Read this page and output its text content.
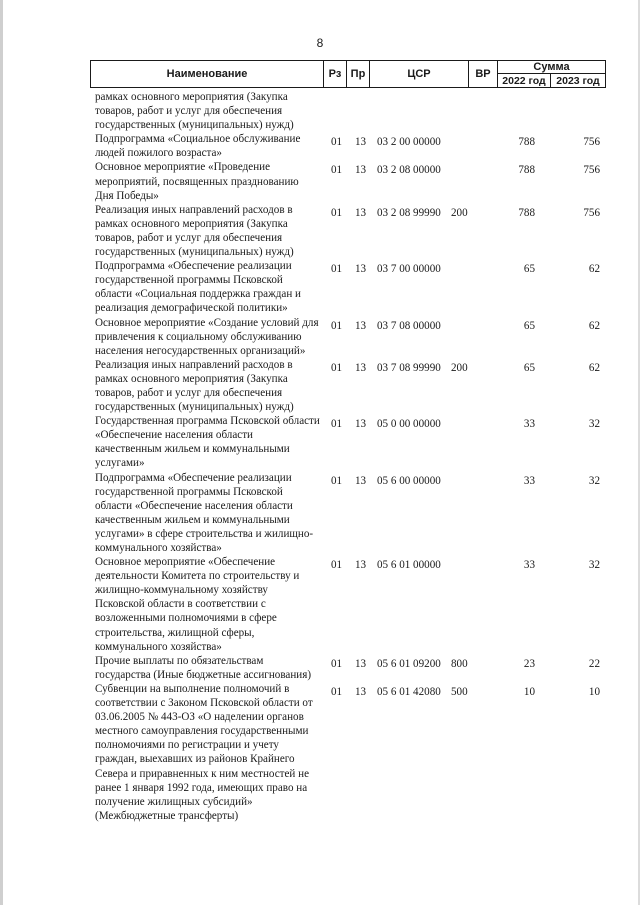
8
Наименование	Рз Пр	ЦСР	ВР
Сумма
2022 год	2023 год
рамках основного мероприятия (Закупка товаров, работ и услуг для обеспечения государственных (муниципальных) нужд)
Подпрограмма «Социальное обслуживание людей пожилого возраста»
01 13 03 2 00 00000	788	756
Основное мероприятие «Проведение мероприятий, посвященных празднованию Дня Победы»
01 13 03 2 08 00000	788	756
Реализация иных направлений расходов в рамках основного мероприятия (Закупка товаров, работ и услуг для обеспечения государственных (муниципальных) нужд)
01 13 03 2 08 99990 200	788	756
Подпрограмма «Обеспечение реализации государственной программы Псковской области «Социальная поддержка граждан и реализация демографической политики»
01 13 03 7 00 00000	65	62
Основное мероприятие «Создание условий для привлечения к социальному обслуживанию населения негосударственных организаций»
01 13 03 7 08 00000	65	62
Реализация иных направлений расходов в рамках основного мероприятия (Закупка товаров, работ и услуг для обеспечения государственных (муниципальных) нужд)
01 13 03 7 08 99990 200	65	62
Государственная программа Псковской области «Обеспечение населения области качественным жильем и коммунальными услугами»
01 13 05 0 00 00000	33	32
Подпрограмма «Обеспечение реализации государственной программы Псковской области «Обеспечение населения области качественным жильем и коммунальными услугами» в сфере строительства и жилищно-коммунального хозяйства»
01 13 05 6 00 00000	33	32
Основное мероприятие «Обеспечение деятельности Комитета по строительству и жилищно-коммунальному хозяйству Псковской области в соответствии с возложенными полномочиями в сфере строительства, жилищной сферы, коммунального хозяйства»
01 13 05 6 01 00000	33	32
Прочие выплаты по обязательствам государства (Иные бюджетные ассигнования)
01 13 05 6 01 09200 800	23	22
Субвенции на выполнение полномочий в соответствии с Законом Псковской области от 03.06.2005 № 443-ОЗ «О наделении органов местного самоуправления государственными полномочиями по регистрации и учету граждан, выехавших из районов Крайнего Севера и приравненных к ним местностей не ранее 1 января 1992 года, имеющих право на получение жилищных субсидий» (Межбюджетные трансферты)
01 13 05 6 01 42080 500	10	10
